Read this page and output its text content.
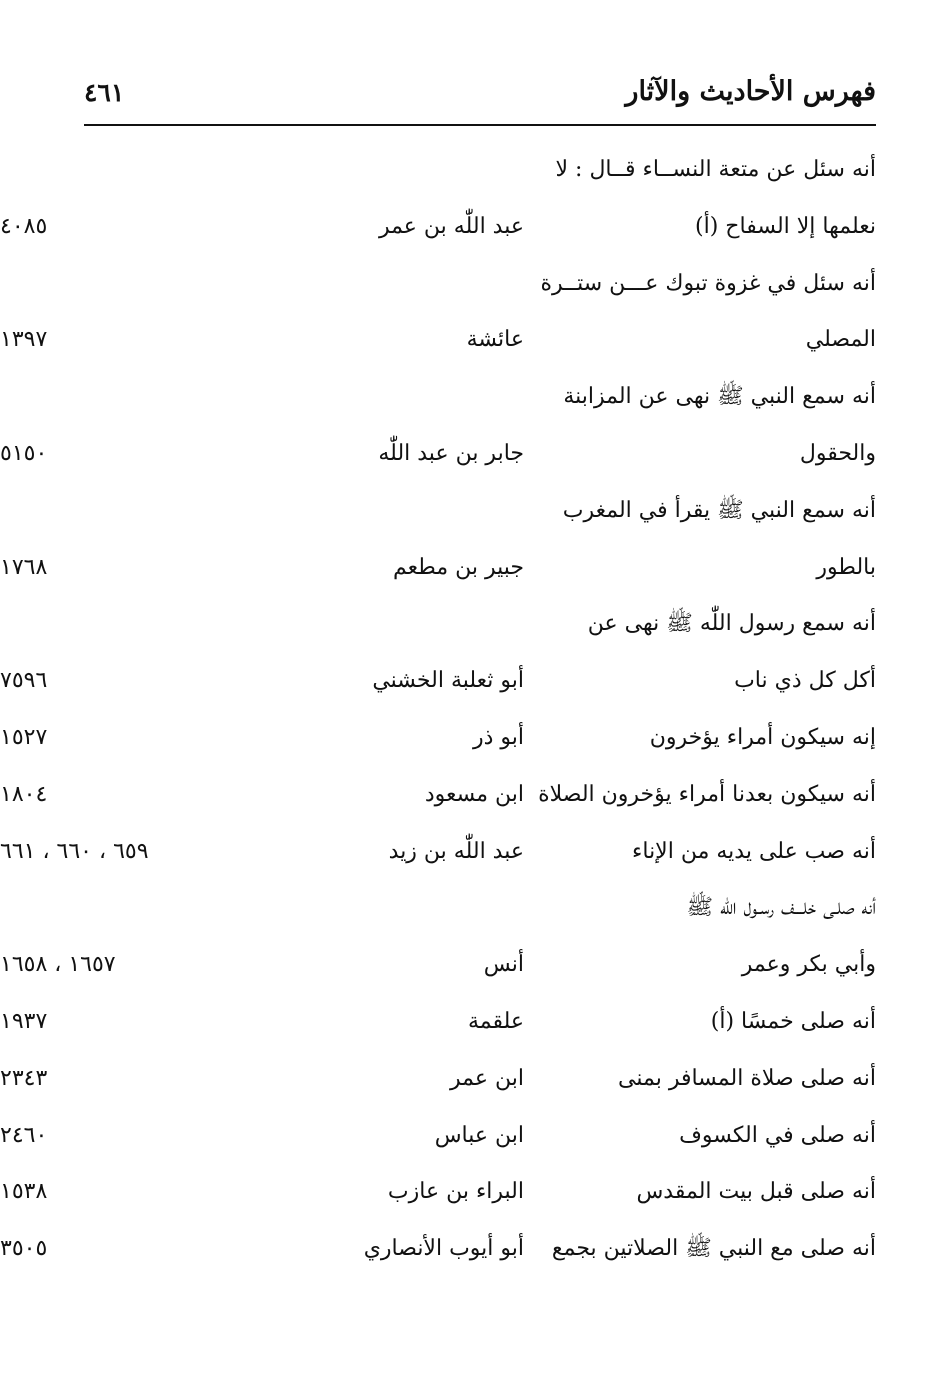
فهرس الأحاديث والآثار
٤٦١
أنه سئل عن متعة النســاء قــال : لا
نعلمها إلا السفاح (أ)
عبد اللّٰه بن عمر
٤٠٨٥
أنه سئل في غزوة تبوك عـــن ستــرة
المصلي
عائشة
١٣٩٧
أنه سمع النبي ﷺ نهى عن المزابنة
والحقول
جابر بن عبد اللّٰه
٥١٥٠
أنه سمع النبي ﷺ يقرأ في المغرب
بالطور
جبير بن مطعم
١٧٦٨
أنه سمع رسول اللّٰه ﷺ نهى عن
أكل كل ذي ناب
أبو ثعلبة الخشني
٧٥٩٦
إنه سيكون أمراء يؤخرون
أبو ذر
١٥٢٧
أنه سيكون بعدنا أمراء يؤخرون الصلاة
ابن مسعود
١٨٠٤
أنه صب على يديه من الإناء
عبد اللّٰه بن زيد
٦٥٩ ، ٦٦٠ ، ٦٦١
أنه صلـى خلـــف رسـول اللّٰه ﷺ
وأبي بكر وعمر
أنس
١٦٥٧ ، ١٦٥٨
أنه صلى خمسًا (أ)
علقمة
١٩٣٧
أنه صلى صلاة المسافر بمنى
ابن عمر
٢٣٤٣
أنه صلى في الكسوف
ابن عباس
٢٤٦٠
أنه صلى قبل بيت المقدس
البراء بن عازب
١٥٣٨
أنه صلى مع النبي ﷺ الصلاتين بجمع
أبو أيوب الأنصاري
٣٥٠٥
